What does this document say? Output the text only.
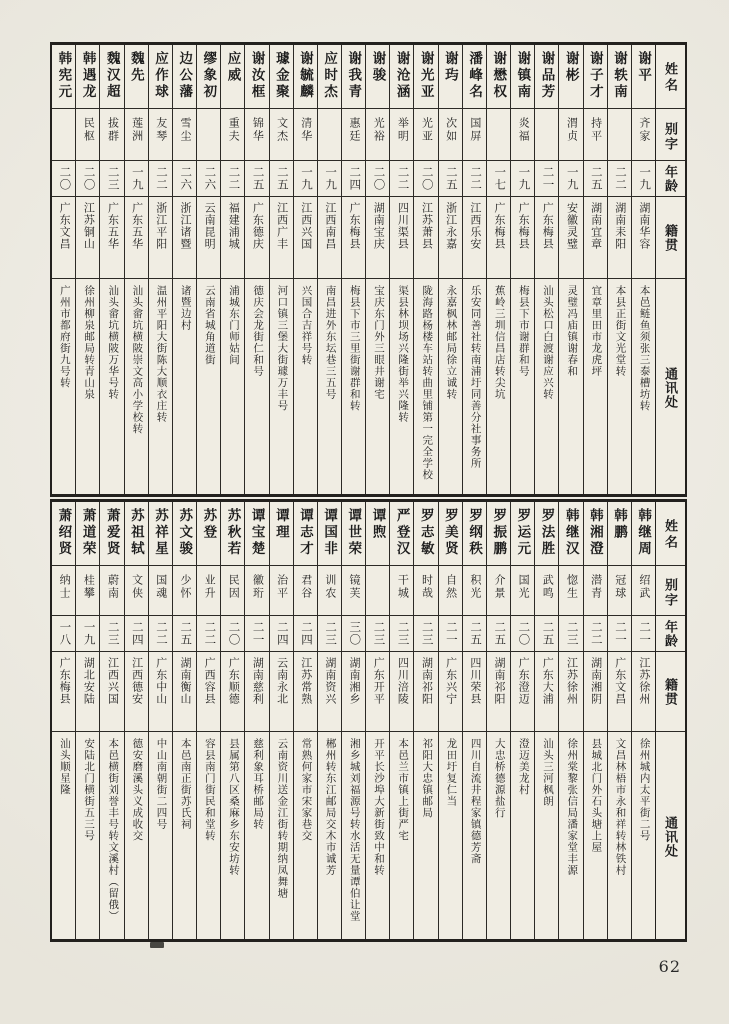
姓名
别字
年龄
籍贯
通讯处
谢平
齐家
一九
湖南华容
本邑鲢鱼须张三泰槽坊转
谢轶南
二二
湖南耒阳
本县正街文光堂转
谢子才
持平
二五
湖南宜章
宜章里田市龙虎坪
谢彬
渭贞
一九
安徽灵璧
灵璧冯庙镇谢春和
谢品芳
二一
广东梅县
汕头松口白渡谢应兴转
谢镇南
炎福
一九
广东梅县
梅县下市谢群和号
谢懋权
一七
广东梅县
蕉岭三圳信昌店转尖坑
潘峰名
国屏
二二
江西乐安
乐安同善社转南浦圩同善分社事务所
谢玙
次如
二五
浙江永嘉
永嘉枫林邮局徐立诚转
谢光亚
光亚
二〇
江苏萧县
陇海路杨楼车站转曲里铺第一完全学校
谢沧涵
举明
二二
四川渠县
渠县林坝场兴隆街举兴隆转
谢骏
光裕
二〇
湖南宝庆
宝庆东门外三眼井谢宅
谢我青
惠廷
二四
广东梅县
梅县下市三里街谢群和转
应时杰
一九
江西南昌
南昌进外东坛巷三五号
谢毓麟
清华
一九
江西兴国
兴国合吉祥号转
璩金聚
文杰
二五
江西广丰
河口镇三堡大街璩万丰号
谢汝框
锦华
二五
广东德庆
德庆会龙街仁和号
应威
重夫
二二
福建浦城
浦城东门师姑间
缪象初
二六
云南昆明
云南省城角道街
边公藩
雪尘
二六
浙江诸暨
诸暨边村
应作球
友琴
二二
浙江平阳
温州平阳大街陈大顺衣庄转
魏先
莲洲
一九
广东五华
汕头畲坑横陂崇文高小学校转
魏汉超
拔群
二三
广东五华
汕头畲坑横陂万华号转
韩遇龙
民枢
二〇
江苏铜山
徐州柳泉邮局转青山泉
韩宪元
二〇
广东文昌
广州市都府街九号转
姓名
别字
年龄
籍贯
通讯处
韩继周
绍武
二一
江苏徐州
徐州城内太平街二号
韩鹏
冠球
二一
广东文昌
文昌林梧市永和祥转林铁村
韩湘澄
潜青
二二
湖南湘阴
县城北门外石头塘上屋
韩继汉
惚生
二三
江苏徐州
徐州棠黎张信局潘家堂丰源
罗法胜
武鸣
二五
广东大浦
汕头三河枫朗
罗运元
国光
二〇
广东澄迈
澄迈美龙村
罗振鹏
介景
二五
湖南祁阳
大忠桥德源盐行
罗纲秩
积光
二五
四川荣县
四川自流井程家镇德芳斋
罗美贤
自然
二一
广东兴宁
龙田圩复仁当
罗志敏
时哉
二三
湖南祁阳
祁阳大忠镇邮局
严登汉
干城
二三
四川涪陵
本邑兰市镇上街严宅
谭煦
二三
广东开平
开平长沙埠大新街致中和转
谭世荣
镜芙
三〇
湖南湘乡
湘乡城刘福源号转水活无量谭伯让堂
谭国非
训农
二三
湖南资兴
郴州转东江邮局交木市诚芳
谭志才
君谷
二四
江苏常熟
常熟何家市宋家巷交
谭理
治平
二四
云南永北
云南资川送金江街转期纳凤舞塘
谭宝楚
徽珩
二一
湖南慈利
慈利象耳桥邮局转
苏秋若
民因
二〇
广东顺德
县属第八区桑麻乡东安坊转
苏登
业升
二二
广西容县
容县南门街民和堂转
苏文骏
少怀
二五
湖南衡山
本邑南正街苏氏祠
苏祥星
国魂
二二
广东中山
中山南朝街二四号
苏祖轼
文侠
二四
江西德安
德安磨溪头义成收交
萧爱贤
蔚南
二三
江西兴国
本邑横街刘誉丰号转文溪村（留俄）
萧道荣
桂攀
一九
湖北安陆
安陆北门横街五三号
萧绍贤
纳士
一八
广东梅县
汕头顺星隆
62
